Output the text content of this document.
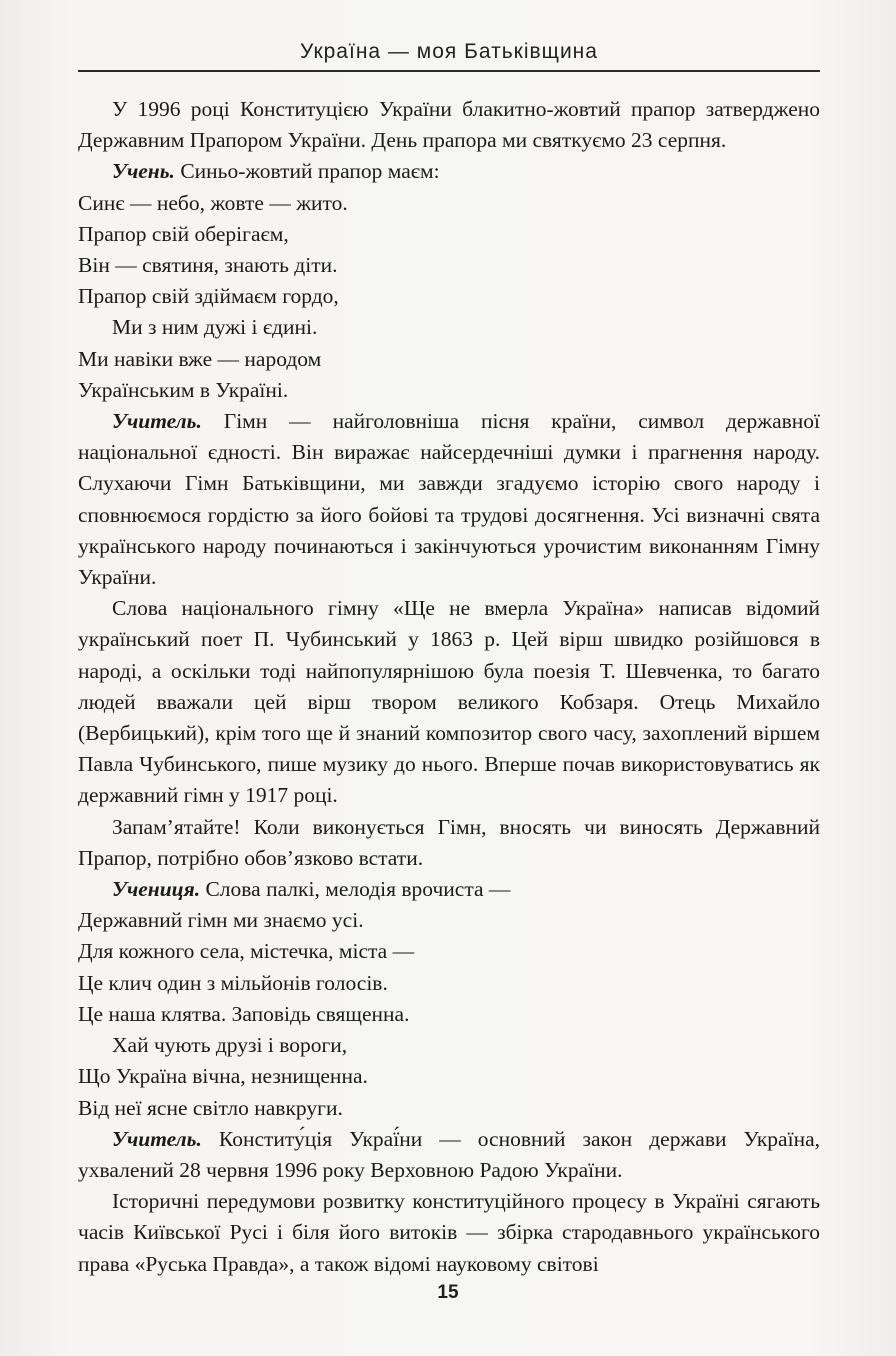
Україна — моя Батьківщина

У 1996 році Конституцією України блакитно-жовтий прапор затверджено Державним Прапором України. День прапора ми святкуємо 23 серпня.

Учень. Синьо-жовтий прапор маєм:

Синє — небо, жовте — жито.

Прапор свій оберігаєм,

Він — святиня, знають діти.

Прапор свій здіймаєм гордо,

Ми з ним дужі і єдині.

Ми навіки вже — народом

Українським в Україні.

Учитель. Гімн — найголовніша пісня країни, символ державної національної єдності. Він виражає найсердечніші думки і прагнення народу. Слухаючи Гімн Батьківщини, ми завжди згадуємо історію свого народу і сповнюємося гордістю за його бойові та трудові досягнення. Усі визначні свята українського народу починаються і закінчуються урочистим виконанням Гімну України.

Слова національного гімну «Ще не вмерла Україна» написав відомий український поет П. Чубинський у 1863 р. Цей вірш швидко розійшовся в народі, а оскільки тоді найпопулярнішою була поезія Т. Шевченка, то багато людей вважали цей вірш твором великого Кобзаря. Отець Михайло (Вербицький), крім того ще й знаний композитор свого часу, захоплений віршем Павла Чубинського, пише музику до нього. Вперше почав використовуватись як державний гімн у 1917 році.

Запам’ятайте! Коли виконується Гімн, вносять чи виносять Державний Прапор, потрібно обов’язково встати.

Учениця. Слова палкі, мелодія врочиста —

Державний гімн ми знаємо усі.

Для кожного села, містечка, міста —

Це клич один з мільйонів голосів.

Це наша клятва. Заповідь священна.

Хай чують друзі і вороги,

Що Україна вічна, незнищенна.

Від неї ясне світло навкруги.

Учитель. Конститу́ція Украї́ни — основний закон держави Україна, ухвалений 28 червня 1996 року Верховною Радою України.

Історичні передумови розвитку конституційного процесу в Україні сягають часів Київської Русі і біля його витоків — збірка стародавнього українського права «Руська Правда», а також відомі науковому світові

15
